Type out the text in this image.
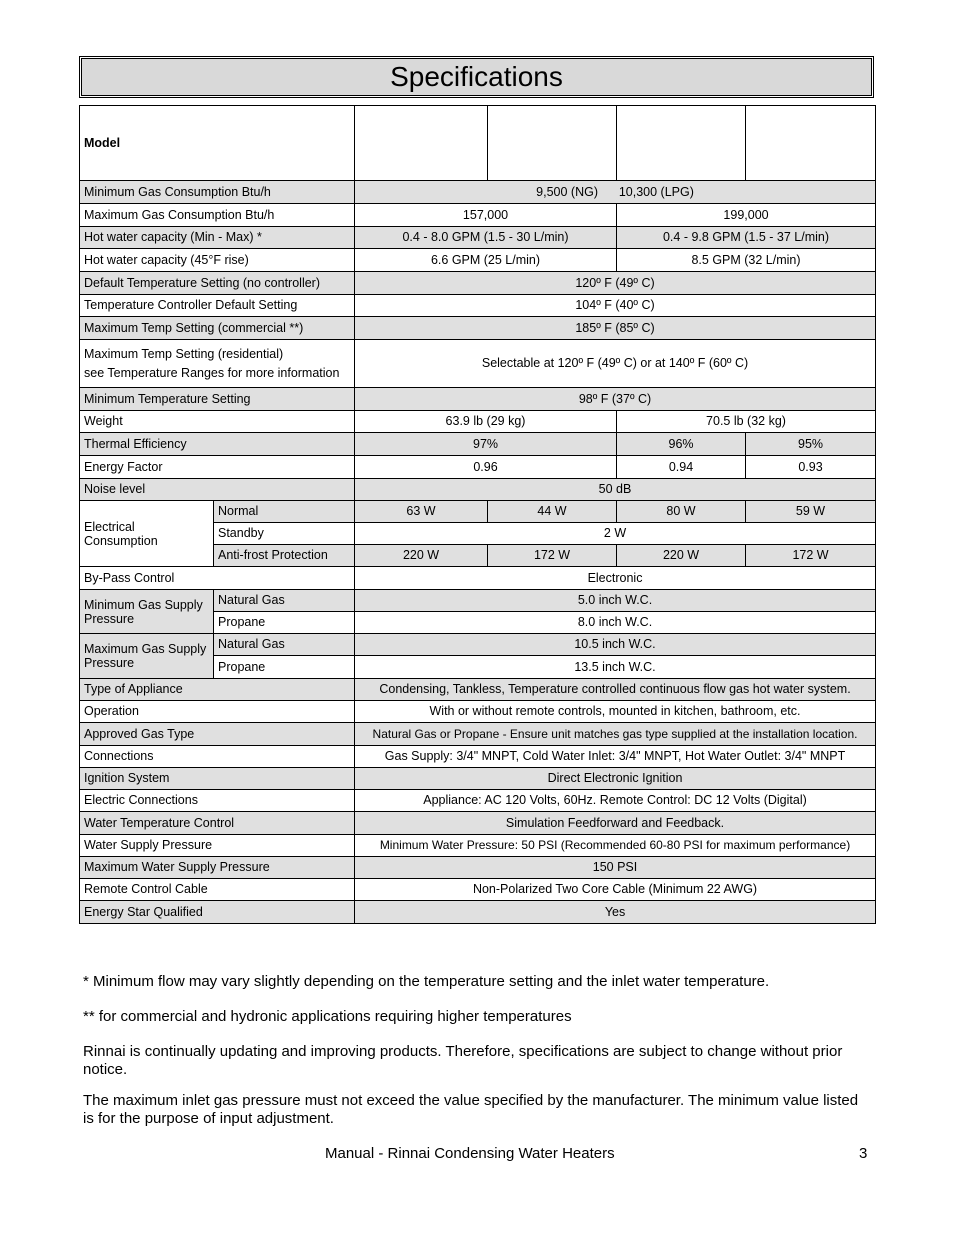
Specifications
Model					
Minimum Gas Consumption Btu/h		9,500 (NG)      10,300 (LPG)			
Maximum Gas Consumption Btu/h		157,000		199,000	
Hot water capacity (Min - Max) *		0.4 - 8.0 GPM (1.5 - 30 L/min)		0.4 - 9.8 GPM (1.5 - 37 L/min)	
Hot water capacity (45°F rise)		6.6 GPM (25 L/min)		8.5 GPM (32 L/min)	
Default Temperature Setting (no controller)		120º F (49º C)			
Temperature Controller Default Setting		104º F (40º C)			
Maximum Temp Setting (commercial **)		185º F (85º C)			

Maximum Temp Setting (residential)
see Temperature Ranges for more information		Selectable at 120º F (49º C) or at 140º F (60º C)			
Minimum Temperature Setting		98º F (37º C)			
Weight		63.9 lb (29 kg)		70.5 lb (32 kg)	
Thermal Efficiency		97%		96%	95%
Energy Factor		0.96		0.94	0.93
Noise level		50 dB			

Electrical
Consumption	Normal	63 W	44 W	80 W	59 W
	Standby	2 W			
	Anti-frost Protection	220 W	172 W	220 W	172 W
By-Pass Control		Electronic			

Minimum Gas Supply
Pressure	Natural Gas	5.0 inch W.C.			
	Propane	8.0 inch W.C.			

Maximum Gas Supply
Pressure	Natural Gas	10.5 inch W.C.			
	Propane	13.5 inch W.C.			
Type of Appliance		Condensing, Tankless, Temperature controlled continuous flow gas hot water system.			
Operation		With or without remote controls, mounted in kitchen, bathroom, etc.			
Approved Gas Type		Natural Gas or Propane - Ensure unit matches gas type supplied at the installation location.			
Connections		Gas Supply: 3/4" MNPT, Cold Water Inlet: 3/4" MNPT, Hot Water Outlet: 3/4" MNPT			
Ignition System		Direct Electronic Ignition			
Electric Connections		Appliance: AC 120 Volts, 60Hz. Remote Control: DC 12 Volts (Digital)			
Water Temperature Control		Simulation Feedforward and Feedback.			
Water Supply Pressure		Minimum Water Pressure: 50 PSI (Recommended 60-80 PSI for maximum performance)			
Maximum Water Supply Pressure		150 PSI			
Remote Control Cable		Non-Polarized Two Core Cable (Minimum 22 AWG)			
Energy Star Qualified		Yes			
* Minimum flow may vary slightly depending on the temperature setting and the inlet water temperature.
** for commercial and hydronic applications requiring higher temperatures
Rinnai is continually updating and improving products. Therefore, specifications are subject to change without prior notice.
The maximum inlet gas pressure must not exceed the value specified by the manufacturer. The minimum value listed is for the purpose of input adjustment.
Manual - Rinnai Condensing Water Heaters	3
